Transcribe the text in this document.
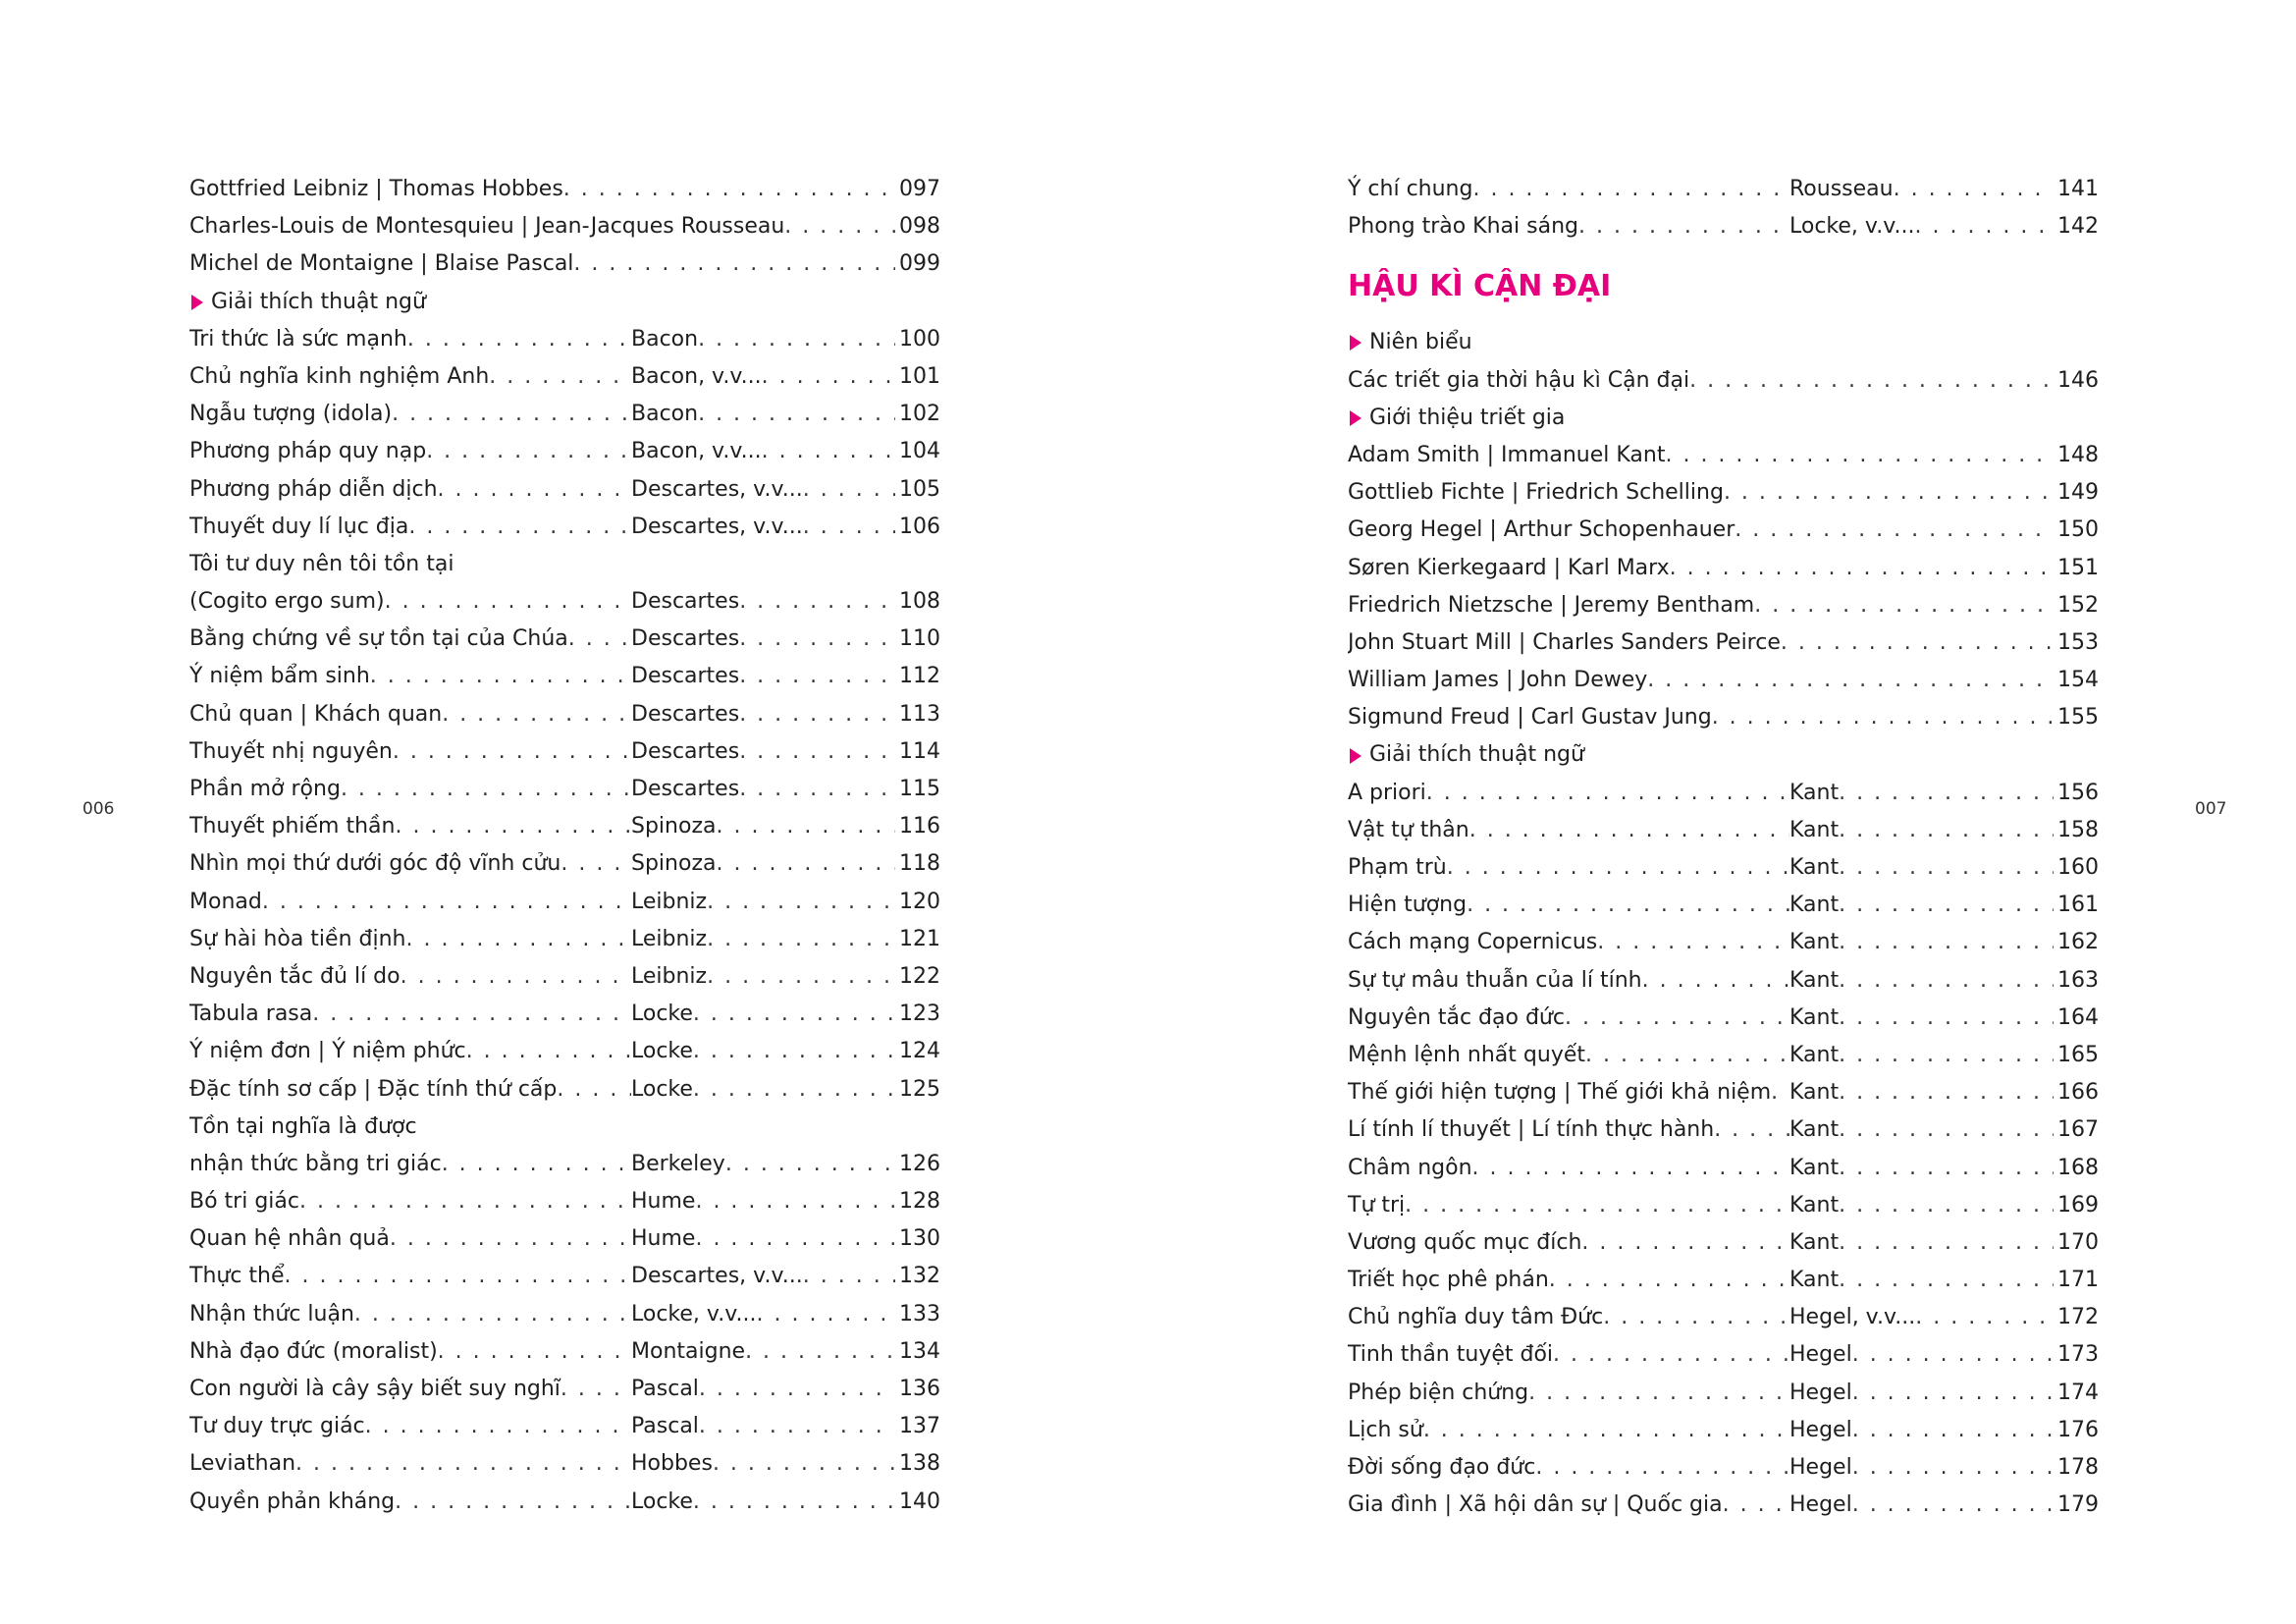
006	007
Gottfried Leibniz | Thomas Hobbes . . .	097
Charles-Louis de Montesquieu | Jean-Jacques Rousseau . . .	098
Michel de Montaigne | Blaise Pascal . . .	099
Giải thích thuật ngữ
Tri thức là sức mạnh . . .	Bacon . . .	100
Chủ nghĩa kinh nghiệm Anh . . .	Bacon, v.v... . . .	101
Ngẫu tượng (idola) . . .	Bacon . . .	102
Phương pháp quy nạp . . .	Bacon, v.v... . . .	104
Phương pháp diễn dịch . . .	Descartes, v.v... . . .	105
Thuyết duy lí lục địa . . .	Descartes, v.v... . . .	106
Tôi tư duy nên tôi tồn tại
(Cogito ergo sum) . . .	Descartes . . .	108
Bằng chứng về sự tồn tại của Chúa . . .	Descartes . . .	110
Ý niệm bẩm sinh . . .	Descartes . . .	112
Chủ quan | Khách quan . . .	Descartes . . .	113
Thuyết nhị nguyên . . .	Descartes . . .	114
Phần mở rộng . . .	Descartes . . .	115
Thuyết phiếm thần . . .	Spinoza . . .	116
Nhìn mọi thứ dưới góc độ vĩnh cửu . . .	Spinoza . . .	118
Monad . . .	Leibniz . . .	120
Sự hài hòa tiền định . . .	Leibniz . . .	121
Nguyên tắc đủ lí do . . .	Leibniz . . .	122
Tabula rasa . . .	Locke . . .	123
Ý niệm đơn | Ý niệm phức . . .	Locke . . .	124
Đặc tính sơ cấp | Đặc tính thứ cấp . . .	Locke . . .	125
Tồn tại nghĩa là được
nhận thức bằng tri giác . . .	Berkeley . . .	126
Bó tri giác . . .	Hume . . .	128
Quan hệ nhân quả . . .	Hume . . .	130
Thực thể . . .	Descartes, v.v... . . .	132
Nhận thức luận . . .	Locke, v.v... . . .	133
Nhà đạo đức (moralist) . . .	Montaigne . . .	134
Con người là cây sậy biết suy nghĩ . . .	Pascal . . .	136
Tư duy trực giác . . .	Pascal . . .	137
Leviathan . . .	Hobbes . . .	138
Quyền phản kháng . . .	Locke . . .	140
Ý chí chung . . .	Rousseau . . .	141
Phong trào Khai sáng . . .	Locke, v.v... . . .	142
HẬU KÌ CẬN ĐẠI
Niên biểu
Các triết gia thời hậu kì Cận đại . . .	146
Giới thiệu triết gia
Adam Smith | Immanuel Kant . . .	148
Gottlieb Fichte | Friedrich Schelling . . .	149
Georg Hegel | Arthur Schopenhauer . . .	150
Søren Kierkegaard | Karl Marx . . .	151
Friedrich Nietzsche | Jeremy Bentham . . .	152
John Stuart Mill | Charles Sanders Peirce . . .	153
William James | John Dewey . . .	154
Sigmund Freud | Carl Gustav Jung . . .	155
Giải thích thuật ngữ
A priori . . .	Kant . . .	156
Vật tự thân . . .	Kant . . .	158
Phạm trù . . .	Kant . . .	160
Hiện tượng . . .	Kant . . .	161
Cách mạng Copernicus . . .	Kant . . .	162
Sự tự mâu thuẫn của lí tính . . .	Kant . . .	163
Nguyên tắc đạo đức . . .	Kant . . .	164
Mệnh lệnh nhất quyết . . .	Kant . . .	165
Thế giới hiện tượng | Thế giới khả niệm . . . Kant . . .	166
Lí tính lí thuyết | Lí tính thực hành . . .	Kant . . .	167
Châm ngôn . . .	Kant . . .	168
Tự trị . . .	Kant . . .	169
Vương quốc mục đích . . .	Kant . . .	170
Triết học phê phán . . .	Kant . . .	171
Chủ nghĩa duy tâm Đức . . .	Hegel, v.v... . . .	172
Tinh thần tuyệt đối . . .	Hegel . . .	173
Phép biện chứng . . .	Hegel . . .	174
Lịch sử . . .	Hegel . . .	176
Đời sống đạo đức . . .	Hegel . . .	178
Gia đình | Xã hội dân sự | Quốc gia . . .	Hegel . . .	179
